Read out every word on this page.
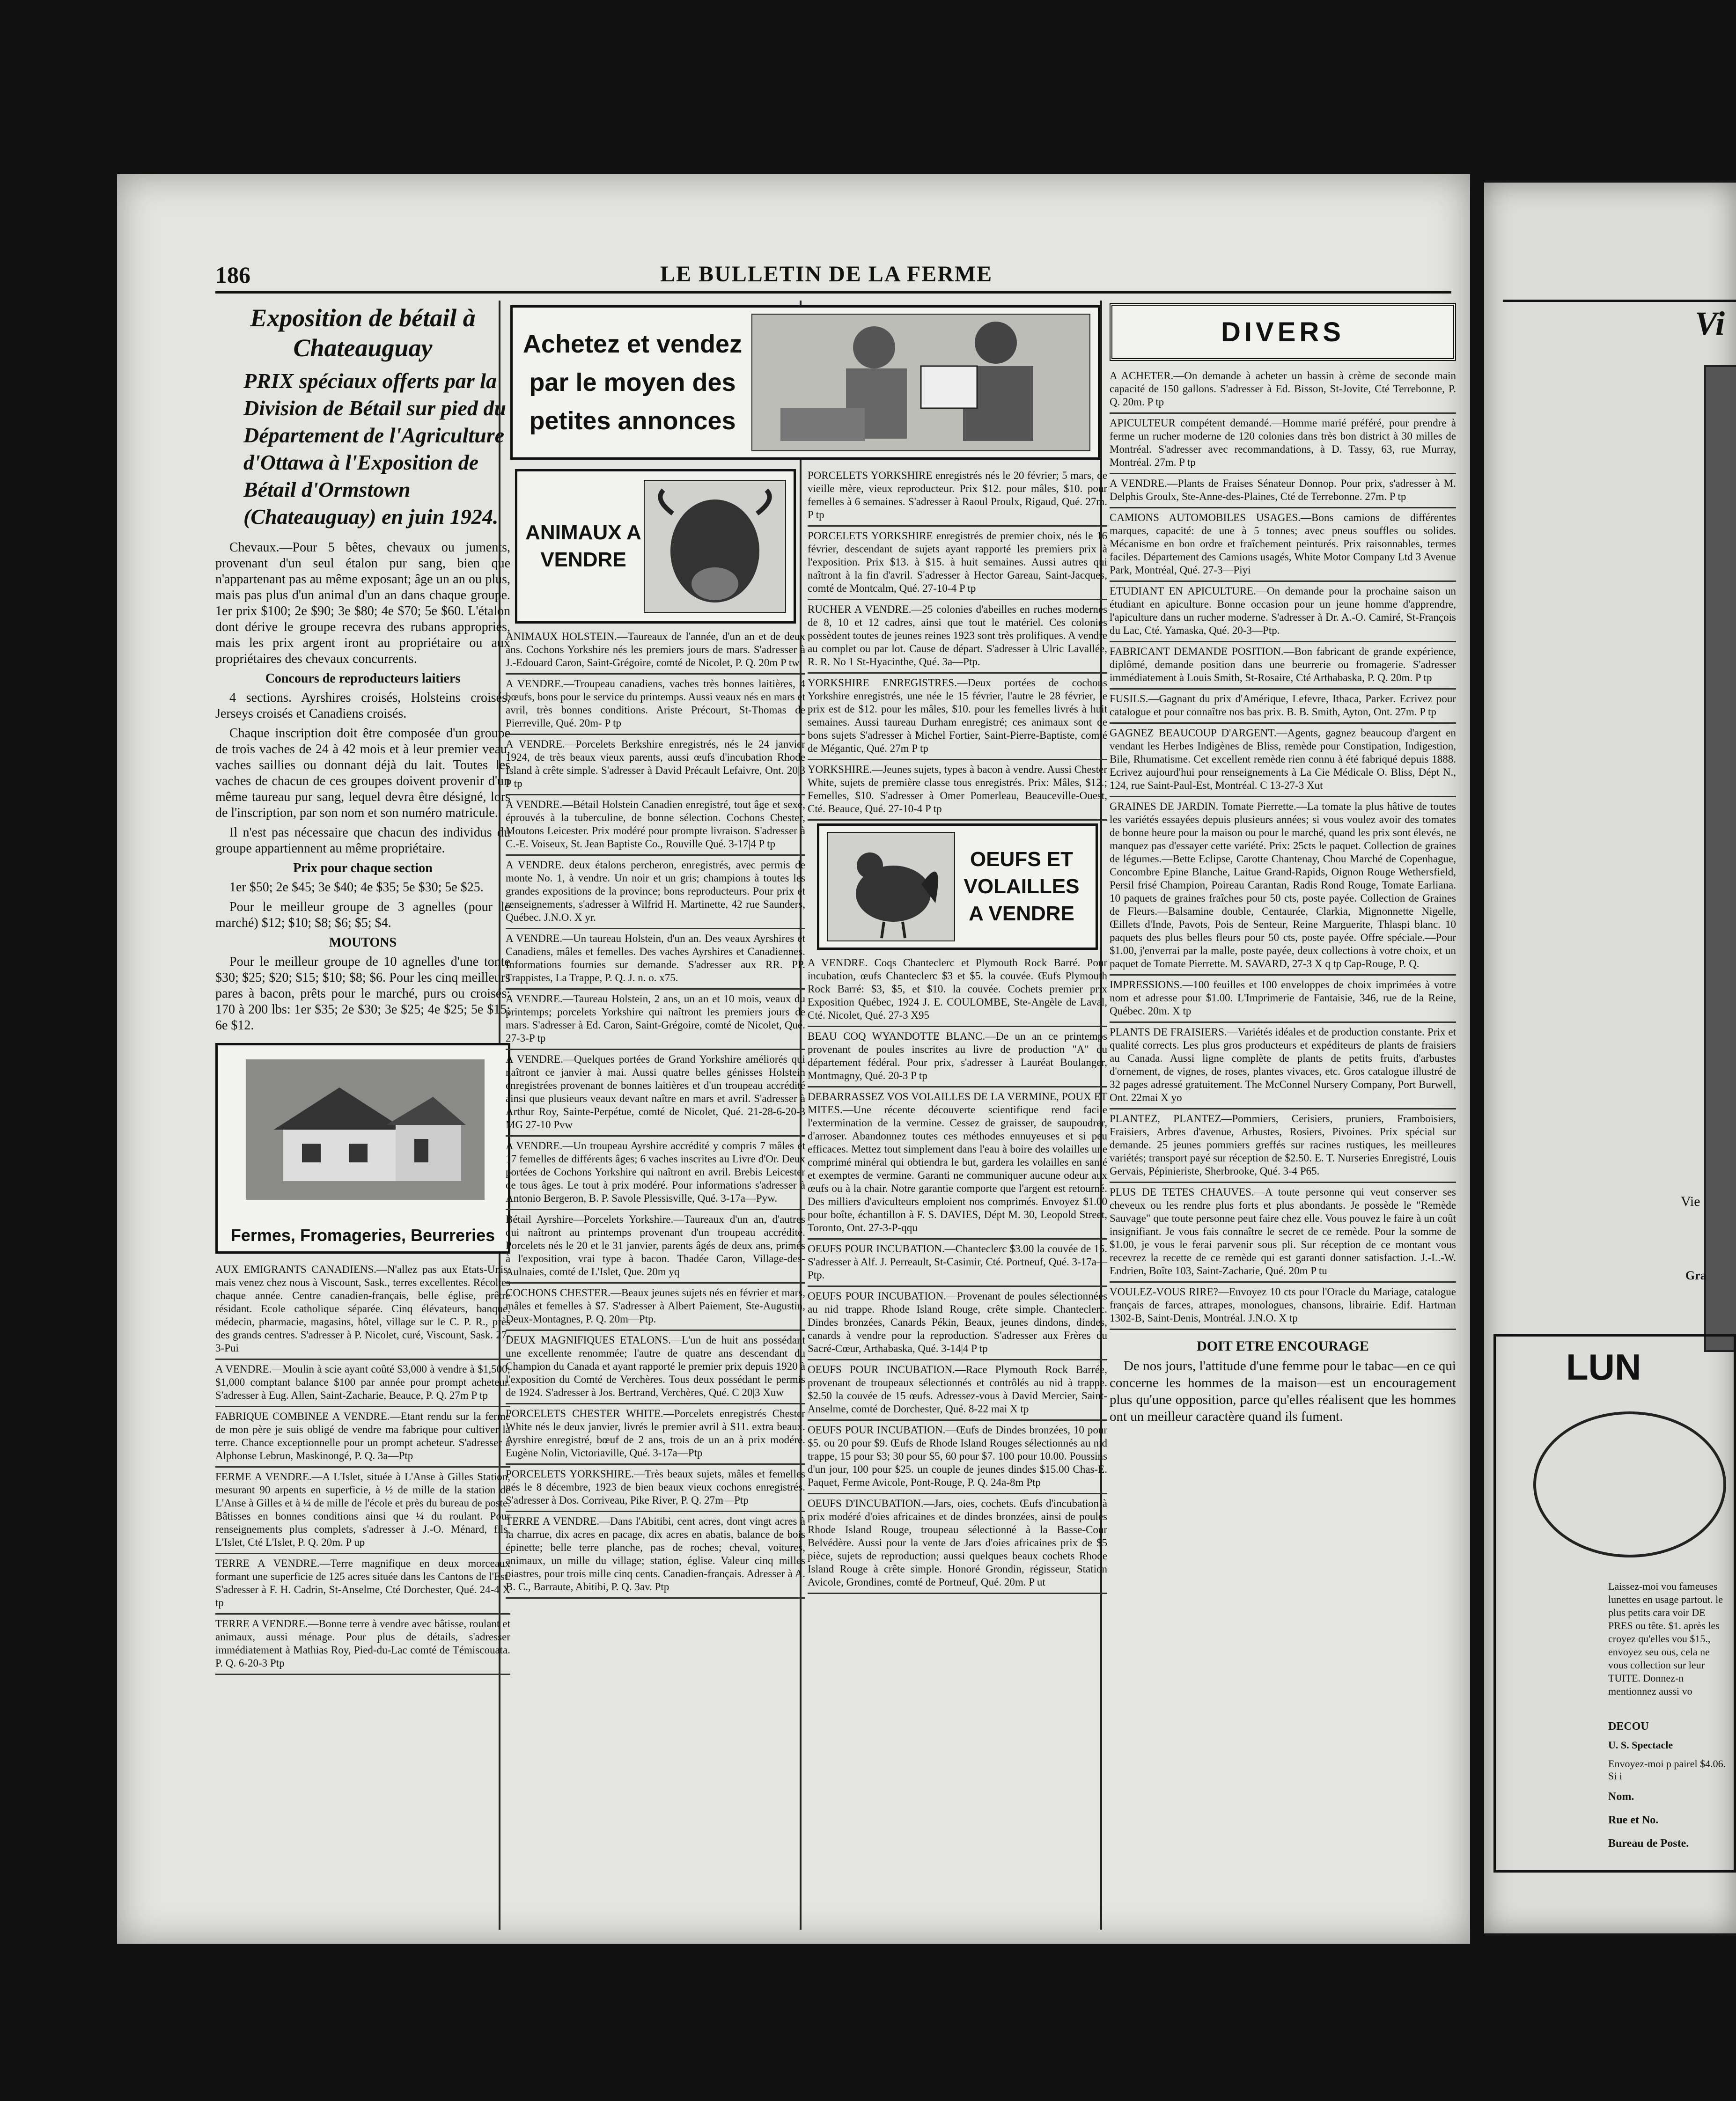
186	LE BULLETIN DE LA FERME
Exposition de bétail à Chateauguay
PRIX spéciaux offerts par la Division de Bétail sur pied du Département de l'Agriculture d'Ottawa à l'Exposition de Bétail d'Ormstown (Chateauguay) en juin 1924.

Chevaux.—Pour 5 bêtes, chevaux ou juments, provenant d'un seul étalon pur sang, bien que n'appartenant pas au même exposant; âge un an ou plus, mais pas plus d'un animal d'un an dans chaque groupe. 1er prix $100; 2e $90; 3e $80; 4e $70; 5e $60. L'étalon dont dérive le groupe recevra des rubans appropriés, mais les prix argent iront au propriétaire ou aux propriétaires des chevaux concurrents.

Concours de reproducteurs laitiers

4 sections. Ayrshires croisés, Holsteins croisés, Jerseys croisés et Canadiens croisés.

Chaque inscription doit être composée d'un groupe de trois vaches de 24 à 42 mois et à leur premier veau, vaches saillies ou donnant déjà du lait. Toutes les vaches de chacun de ces groupes doivent provenir d'un même taureau pur sang, lequel devra être désigné, lors de l'inscription, par son nom et son numéro matricule.

Il n'est pas nécessaire que chacun des individus du groupe appartiennent au même propriétaire.

Prix pour chaque section

1er $50; 2e $45; 3e $40; 4e $35; 5e $30; 5e $25.

Pour le meilleur groupe de 3 agnelles (pour le marché) $12; $10; $8; $6; $5; $4.

MOUTONS

Pour le meilleur groupe de 10 agnelles d'une tonte $30; $25; $20; $15; $10; $8; $6. Pour les cinq meilleurs pares à bacon, prêts pour le marché, purs ou croisés: 170 à 200 lbs: 1er $35; 2e $30; 3e $25; 4e $25; 5e $15; 6e $12.

Fermes, Fromageries, Beurreries
AUX EMIGRANTS CANADIENS.—N'allez pas aux Etats-Unis, mais venez chez nous à Viscount, Sask., terres excellentes. Récoltes chaque année. Centre canadien-français, belle église, prêtre résidant. Ecole catholique séparée. Cinq élévateurs, banque, médecin, pharmacie, magasins, hôtel, village sur le C. P. R., près des grands centres. S'adresser à P. Nicolet, curé, Viscount, Sask. 27-3-Pui
A VENDRE.—Moulin à scie ayant coûté $3,000 à vendre à $1,500; $1,000 comptant balance $100 par année pour prompt acheteur. S'adresser à Eug. Allen, Saint-Zacharie, Beauce, P. Q. 27m P tp
FABRIQUE COMBINEE A VENDRE.—Etant rendu sur la ferme de mon père je suis obligé de vendre ma fabrique pour cultiver la terre. Chance exceptionnelle pour un prompt acheteur. S'adresser à Alphonse Lebrun, Maskinongé, P. Q. 3a—Ptp
FERME A VENDRE.—A L'Islet, située à L'Anse à Gilles Station, mesurant 90 arpents en superficie, à ½ de mille de la station de L'Anse à Gilles et à ¼ de mille de l'école et près du bureau de poste. Bâtisses en bonnes conditions ainsi que ¼ du roulant. Pour renseignements plus complets, s'adresser à J.-O. Ménard, fils, L'Islet, Cté L'Islet, P. Q. 20m. P up
TERRE A VENDRE.—Terre magnifique en deux morceaux formant une superficie de 125 acres située dans les Cantons de l'Est. S'adresser à F. H. Cadrin, St-Anselme, Cté Dorchester, Qué. 24-4 X tp
TERRE A VENDRE.—Bonne terre à vendre avec bâtisse, roulant et animaux, aussi ménage. Pour plus de détails, s'adresser immédiatement à Mathias Roy, Pied-du-Lac comté de Témiscouata. P. Q. 6-20-3 Ptp
Achetez et vendez par le moyen des petites annonces
ANIMAUX A VENDRE
ANIMAUX HOLSTEIN.—Taureaux de l'année, d'un an et de deux ans. Cochons Yorkshire nés les premiers jours de mars. S'adresser à J.-Edouard Caron, Saint-Grégoire, comté de Nicolet, P. Q. 20m P tw
A VENDRE.—Troupeau canadiens, vaches très bonnes laitières, 4 bœufs, bons pour le service du printemps. Aussi veaux nés en mars et avril, très bonnes conditions. Ariste Précourt, St-Thomas de Pierreville, Qué. 20m- P tp
A VENDRE.—Porcelets Berkshire enregistrés, nés le 24 janvier 1924, de très beaux vieux parents, aussi œufs d'incubation Rhode Island à crête simple. S'adresser à David Précault Lefaivre, Ont. 20|3 P tp
A VENDRE.—Bétail Holstein Canadien enregistré, tout âge et sexe, éprouvés à la tuberculine, de bonne sélection. Cochons Chester, Moutons Leicester. Prix modéré pour prompte livraison. S'adresser à C.-E. Voiseux, St. Jean Baptiste Co., Rouville Qué. 3-17|4 P tp
A VENDRE. deux étalons percheron, enregistrés, avec permis de monte No. 1, à vendre. Un noir et un gris; champions à toutes les grandes expositions de la province; bons reproducteurs. Pour prix et renseignements, s'adresser à Wilfrid H. Martinette, 42 rue Saunders, Québec. J.N.O. X yr.
A VENDRE.—Un taureau Holstein, d'un an. Des veaux Ayrshires et Canadiens, mâles et femelles. Des vaches Ayrshires et Canadiennes. Informations fournies sur demande. S'adresser aux RR. PP. Trappistes, La Trappe, P. Q. J. n. o. x75.
A VENDRE.—Taureau Holstein, 2 ans, un an et 10 mois, veaux du printemps; porcelets Yorkshire qui naîtront les premiers jours de mars. S'adresser à Ed. Caron, Saint-Grégoire, comté de Nicolet, Qué. 27-3-P tp
A VENDRE.—Quelques portées de Grand Yorkshire améliorés qui naîtront ce janvier à mai. Aussi quatre belles génisses Holstein enregistrées provenant de bonnes laitières et d'un troupeau accrédité ainsi que plusieurs veaux devant naître en mars et avril. S'adresser à Arthur Roy, Sainte-Perpétue, comté de Nicolet, Qué. 21-28-6-20-3 MG 27-10 Pvw
A VENDRE.—Un troupeau Ayrshire accrédité y compris 7 mâles et 17 femelles de différents âges; 6 vaches inscrites au Livre d'Or. Deux portées de Cochons Yorkshire qui naîtront en avril. Brebis Leicester de tous âges. Le tout à prix modéré. Pour informations s'adresser à Antonio Bergeron, B. P. Savole Plessisville, Qué. 3-17a—Pyw.
Bétail Ayrshire—Porcelets Yorkshire.—Taureaux d'un an, d'autres qui naîtront au printemps provenant d'un troupeau accrédité. Porcelets nés le 20 et le 31 janvier, parents âgés de deux ans, primés à l'exposition, vrai type à bacon. Thadée Caron, Village-des-Aulnaies, comté de L'Islet, Que. 20m yq
COCHONS CHESTER.—Beaux jeunes sujets nés en février et mars, mâles et femelles à $7. S'adresser à Albert Paiement, Ste-Augustin, Deux-Montagnes, P. Q. 20m—Ptp.
DEUX MAGNIFIQUES ETALONS.—L'un de huit ans possédant une excellente renommée; l'autre de quatre ans descendant du Champion du Canada et ayant rapporté le premier prix depuis 1920 à l'exposition du Comté de Verchères. Tous deux possédant le permis de 1924. S'adresser à Jos. Bertrand, Verchères, Qué. C 20|3 Xuw
PORCELETS CHESTER WHITE.—Porcelets enregistrés Chester White nés le deux janvier, livrés le premier avril à $11. extra beaux. Ayrshire enregistré, bœuf de 2 ans, trois de un an à prix modéré. Eugène Nolin, Victoriaville, Qué. 3-17a—Ptp
PORCELETS YORKSHIRE.—Très beaux sujets, mâles et femelles nés le 8 décembre, 1923 de bien beaux vieux cochons enregistrés. S'adresser à Dos. Corriveau, Pike River, P. Q. 27m—Ptp
TERRE A VENDRE.—Dans l'Abitibi, cent acres, dont vingt acres à la charrue, dix acres en pacage, dix acres en abatis, balance de bois épinette; belle terre planche, pas de roches; cheval, voitures, animaux, un mille du village; station, église. Valeur cinq milles piastres, pour trois mille cinq cents. Canadien-français. Adresser à A. B. C., Barraute, Abitibi, P. Q. 3av. Ptp
PORCELETS YORKSHIRE enregistrés nés le 20 février; 5 mars, de vieille mère, vieux reproducteur. Prix $12. pour mâles, $10. pour femelles à 6 semaines. S'adresser à Raoul Proulx, Rigaud, Qué. 27m. P tp
PORCELETS YORKSHIRE enregistrés de premier choix, nés le 16 février, descendant de sujets ayant rapporté les premiers prix à l'exposition. Prix $13. à $15. à huit semaines. Aussi autres qui naîtront à la fin d'avril. S'adresser à Hector Gareau, Saint-Jacques, comté de Montcalm, Qué. 27-10-4 P tp
RUCHER A VENDRE.—25 colonies d'abeilles en ruches modernes de 8, 10 et 12 cadres, ainsi que tout le matériel. Ces colonies possèdent toutes de jeunes reines 1923 sont très prolifiques. A vendre au complet ou par lot. Cause de départ. S'adresser à Ulric Lavallée, R. R. No 1 St-Hyacinthe, Qué. 3a—Ptp.
YORKSHIRE ENREGISTRES.—Deux portées de cochons Yorkshire enregistrés, une née le 15 février, l'autre le 28 février, le prix est de $12. pour les mâles, $10. pour les femelles livrés à huit semaines. Aussi taureau Durham enregistré; ces animaux sont de bons sujets S'adresser à Michel Fortier, Saint-Pierre-Baptiste, comté de Mégantic, Qué. 27m P tp
YORKSHIRE.—Jeunes sujets, types à bacon à vendre. Aussi Chester White, sujets de première classe tous enregistrés. Prix: Mâles, $12.; Femelles, $10. S'adresser à Omer Pomerleau, Beauceville-Ouest, Cté. Beauce, Qué. 27-10-4 P tp
OEUFS ET VOLAILLES A VENDRE
A VENDRE. Coqs Chanteclerc et Plymouth Rock Barré. Pour incubation, œufs Chanteclerc $3 et $5. la couvée. Œufs Plymouth Rock Barré: $3, $5, et $10. la couvée. Cochets premier prix Exposition Québec, 1924 J. E. COULOMBE, Ste-Angèle de Laval, Cté. Nicolet, Qué. 27-3 X95
BEAU COQ WYANDOTTE BLANC.—De un an ce printemps provenant de poules inscrites au livre de production "A" du département fédéral. Pour prix, s'adresser à Lauréat Boulanger, Montmagny, Qué. 20-3 P tp
DEBARRASSEZ VOS VOLAILLES DE LA VERMINE, POUX ET MITES.—Une récente découverte scientifique rend facile l'extermination de la vermine. Cessez de graisser, de saupoudrer, d'arroser. Abandonnez toutes ces méthodes ennuyeuses et si peu efficaces. Mettez tout simplement dans l'eau à boire des volailles une comprimé minéral qui obtiendra le but, gardera les volailles en santé et exemptes de vermine. Garanti ne communiquer aucune odeur aux œufs ou à la chair. Notre garantie comporte que l'argent est retourné. Des milliers d'aviculteurs emploient nos comprimés. Envoyez $1.00 pour boîte, échantillon à F. S. DAVIES, Dépt M. 30, Leopold Street, Toronto, Ont. 27-3-P-qqu
OEUFS POUR INCUBATION.—Chanteclerc $3.00 la couvée de 15. S'adresser à Alf. J. Perreault, St-Casimir, Cté. Portneuf, Qué. 3-17a—Ptp.
OEUFS POUR INCUBATION.—Provenant de poules sélectionnées au nid trappe. Rhode Island Rouge, crête simple. Chanteclerc. Dindes bronzées, Canards Pékin, Beaux, jeunes dindons, dindes, canards à vendre pour la reproduction. S'adresser aux Frères du Sacré-Cœur, Arthabaska, Qué. 3-14|4 P tp
OEUFS POUR INCUBATION.—Race Plymouth Rock Barrée, provenant de troupeaux sélectionnés et contrôlés au nid à trappe. $2.50 la couvée de 15 œufs. Adressez-vous à David Mercier, Saint-Anselme, comté de Dorchester, Qué. 8-22 mai X tp
OEUFS POUR INCUBATION.—Œufs de Dindes bronzées, 10 pour $5. ou 20 pour $9. Œufs de Rhode Island Rouges sélectionnés au nid trappe, 15 pour $3; 30 pour $5, 60 pour $7. 100 pour 10.00. Poussins d'un jour, 100 pour $25. un couple de jeunes dindes $15.00 Chas-E. Paquet, Ferme Avicole, Pont-Rouge, P. Q. 24a-8m Ptp
OEUFS D'INCUBATION.—Jars, oies, cochets. Œufs d'incubation à prix modéré d'oies africaines et de dindes bronzées, ainsi de poules Rhode Island Rouge, troupeau sélectionné à la Basse-Cour Belvédère. Aussi pour la vente de Jars d'oies africaines prix de $5 pièce, sujets de reproduction; aussi quelques beaux cochets Rhode Island Rouge à crête simple. Honoré Grondin, régisseur, Station Avicole, Grondines, comté de Portneuf, Qué. 20m. P ut
DIVERS
A ACHETER.—On demande à acheter un bassin à crème de seconde main capacité de 150 gallons. S'adresser à Ed. Bisson, St-Jovite, Cté Terrebonne, P. Q. 20m. P tp
APICULTEUR compétent demandé.—Homme marié préféré, pour prendre à ferme un rucher moderne de 120 colonies dans très bon district à 30 milles de Montréal. S'adresser avec recommandations, à D. Tassy, 63, rue Murray, Montréal. 27m. P tp
A VENDRE.—Plants de Fraises Sénateur Donnop. Pour prix, s'adresser à M. Delphis Groulx, Ste-Anne-des-Plaines, Cté de Terrebonne. 27m. P tp
CAMIONS AUTOMOBILES USAGES.—Bons camions de différentes marques, capacité: de une à 5 tonnes; avec pneus souffles ou solides. Mécanisme en bon ordre et fraîchement peinturés. Prix raisonnables, termes faciles. Département des Camions usagés, White Motor Company Ltd 3 Avenue Park, Montréal, Qué. 27-3—Piyi
ETUDIANT EN APICULTURE.—On demande pour la prochaine saison un étudiant en apiculture. Bonne occasion pour un jeune homme d'apprendre, l'apiculture dans un rucher moderne. S'adresser à Dr. A.-O. Camiré, St-François du Lac, Cté. Yamaska, Qué. 20-3—Ptp.
FABRICANT DEMANDE POSITION.—Bon fabricant de grande expérience, diplômé, demande position dans une beurrerie ou fromagerie. S'adresser immédiatement à Louis Smith, St-Rosaire, Cté Arthabaska, P. Q. 20m. P tp
FUSILS.—Gagnant du prix d'Amérique, Lefevre, Ithaca, Parker. Ecrivez pour catalogue et pour connaître nos bas prix. B. B. Smith, Ayton, Ont. 27m. P tp
GAGNEZ BEAUCOUP D'ARGENT.—Agents, gagnez beaucoup d'argent en vendant les Herbes Indigènes de Bliss, remède pour Constipation, Indigestion, Bile, Rhumatisme. Cet excellent remède rien connu à été fabriqué depuis 1888. Ecrivez aujourd'hui pour renseignements à La Cie Médicale O. Bliss, Dépt N., 124, rue Saint-Paul-Est, Montréal. C 13-27-3 Xut
GRAINES DE JARDIN. Tomate Pierrette.—La tomate la plus hâtive de toutes les variétés essayées depuis plusieurs années; si vous voulez avoir des tomates de bonne heure pour la maison ou pour le marché, quand les prix sont élevés, ne manquez pas d'essayer cette variété. Prix: 25cts le paquet. Collection de graines de légumes.—Bette Eclipse, Carotte Chantenay, Chou Marché de Copenhague, Concombre Epine Blanche, Laitue Grand-Rapids, Oignon Rouge Wethersfield, Persil frisé Champion, Poireau Carantan, Radis Rond Rouge, Tomate Earliana. 10 paquets de graines fraîches pour 50 cts, poste payée. Collection de Graines de Fleurs.—Balsamine double, Centaurée, Clarkia, Mignonnette Nigelle, Œillets d'Inde, Pavots, Pois de Senteur, Reine Marguerite, Thlaspi blanc. 10 paquets des plus belles fleurs pour 50 cts, poste payée. Offre spéciale.—Pour $1.00, j'enverrai par la malle, poste payée, deux collections à votre choix, et un paquet de Tomate Pierrette. M. SAVARD, 27-3 X q tp Cap-Rouge, P. Q.
IMPRESSIONS.—100 feuilles et 100 enveloppes de choix imprimées à votre nom et adresse pour $1.00. L'Imprimerie de Fantaisie, 346, rue de la Reine, Québec. 20m. X tp
PLANTS DE FRAISIERS.—Variétés idéales et de production constante. Prix et qualité corrects. Les plus gros producteurs et expéditeurs de plants de fraisiers au Canada. Aussi ligne complète de plants de petits fruits, d'arbustes d'ornement, de vignes, de roses, plantes vivaces, etc. Gros catalogue illustré de 32 pages adressé gratuitement. The McConnel Nursery Company, Port Burwell, Ont. 22mai X yo
PLANTEZ, PLANTEZ—Pommiers, Cerisiers, pruniers, Framboisiers, Fraisiers, Arbres d'avenue, Arbustes, Rosiers, Pivoines. Prix spécial sur demande. 25 jeunes pommiers greffés sur racines rustiques, les meilleures variétés; transport payé sur réception de $2.50. E. T. Nurseries Enregistré, Louis Gervais, Pépinieriste, Sherbrooke, Qué. 3-4 P65.
PLUS DE TETES CHAUVES.—A toute personne qui veut conserver ses cheveux ou les rendre plus forts et plus abondants. Je possède le "Remède Sauvage" que toute personne peut faire chez elle. Vous pouvez le faire à un coût insignifiant. Je vous fais connaître le secret de ce remède. Pour la somme de $1.00, je vous le ferai parvenir sous pli. Sur réception de ce montant vous recevrez la recette de ce remède qui est garanti donner satisfaction. J.-L.-W. Endrien, Boîte 103, Saint-Zacharie, Qué. 20m P tu
VOULEZ-VOUS RIRE?—Envoyez 10 cts pour l'Oracle du Mariage, catalogue français de farces, attrapes, monologues, chansons, librairie. Edif. Hartman 1302-B, Saint-Denis, Montréal. J.N.O. X tp
DOIT ETRE ENCOURAGE
De nos jours, l'attitude d'une femme pour le tabac—en ce qui concerne les hommes de la maison—est un encouragement plus qu'une opposition, parce qu'elles réalisent que les hommes ont un meilleur caractère quand ils fument.
Vi
Vie
Gra
LUN
Laissez-moi vou fameuses lunettes en usage partout. le plus petits cara voir DE PRES ou tête. $1. après les croyez qu'elles vou $15., envoyez seu ous, cela ne vous collection sur leur TUITE. Donnez-n mentionnez aussi vo
DECOU
U. S. Spectacle
Envoyez-moi p pairel $4.06. Si i
Nom.
Rue et No.
Bureau de Poste.
